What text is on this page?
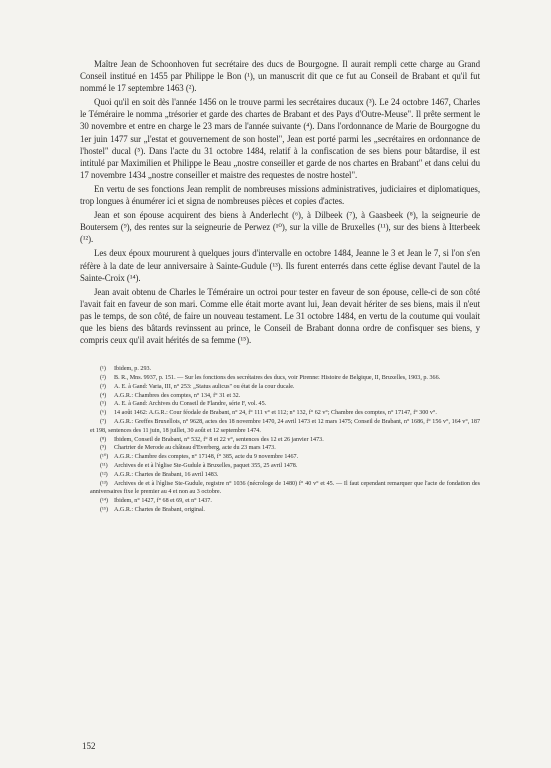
Maître Jean de Schoonhoven fut secrétaire des ducs de Bourgogne. Il aurait rempli cette charge au Grand Conseil institué en 1455 par Philippe le Bon (¹), un manuscrit dit que ce fut au Conseil de Brabant et qu'il fut nommé le 17 septembre 1463 (²).

Quoi qu'il en soit dès l'année 1456 on le trouve parmi les secrétaires ducaux (³). Le 24 octobre 1467, Charles le Téméraire le nomma „trésorier et garde des chartes de Brabant et des Pays d'Outre-Meuse". Il prête serment le 30 novembre et entre en charge le 23 mars de l'année suivante (⁴). Dans l'ordonnance de Marie de Bourgogne du 1er juin 1477 sur „l'estat et gouvernement de son hostel", Jean est porté parmi les „secrétaires en ordonnance de l'hostel" ducal (⁵). Dans l'acte du 31 octobre 1484, relatif à la confiscation de ses biens pour bâtardise, il est intitulé par Maximilien et Philippe le Beau „nostre conseiller et garde de nos chartes en Brabant" et dans celui du 17 novembre 1434 „nostre conseiller et maistre des requestes de nostre hostel".

En vertu de ses fonctions Jean remplit de nombreuses missions administratives, judiciaires et diplomatiques, trop longues à énumérer ici et signa de nombreuses pièces et copies d'actes.

Jean et son épouse acquirent des biens à Anderlecht (⁶), à Dilbeek (⁷), à Gaasbeek (⁸), la seigneurie de Boutersem (⁹), des rentes sur la seigneurie de Perwez (¹⁰), sur la ville de Bruxelles (¹¹), sur des biens à Itterbeek (¹²).

Les deux époux moururent à quelques jours d'intervalle en octobre 1484, Jeanne le 3 et Jean le 7, si l'on s'en réfère à la date de leur anniversaire à Sainte-Gudule (¹³). Ils furent enterrés dans cette église devant l'autel de la Sainte-Croix (¹⁴).

Jean avait obtenu de Charles le Téméraire un octroi pour tester en faveur de son épouse, celle-ci de son côté l'avait fait en faveur de son mari. Comme elle était morte avant lui, Jean devait hériter de ses biens, mais il n'eut pas le temps, de son côté, de faire un nouveau testament. Le 31 octobre 1484, en vertu de la coutume qui voulait que les biens des bâtards revinssent au prince, le Conseil de Brabant donna ordre de confisquer ses biens, y compris ceux qu'il avait hérités de sa femme (¹⁵).

(¹) Ibidem, p. 293.

(²) B. R., Mns. 9937, p. 151. — Sur les fonctions des secrétaires des ducs, voir Pirenne: Histoire de Belgique, II, Bruxelles, 1903, p. 366.

(³) A. E. à Gand: Varia, III, n° 253: „Status aulicus" ou état de la cour ducale.

(⁴) A.G.R.: Chambres des comptes, n° 134, f° 31 et 32.

(⁵) A. E. à Gand: Archives du Conseil de Flandre, série F, vol. 45.

(⁶) 14 août 1462: A.G.R.: Cour féodale de Brabant, n° 24, f° 111 v° et 112; n° 132, f° 62 v°; Chambre des comptes, n° 17147, f° 300 v°.

(⁷) A.G.R.: Greffes Bruxellois, n° 9628, actes des 18 novembre 1470, 24 avril 1473 et 12 mars 1475; Conseil de Brabant, n° 1686, f° 156 v°, 164 v°, 187 et 198, sentences des 11 juin, 18 juillet, 30 août et 12 septembre 1474.

(⁸) Ibidem, Conseil de Brabant, n° 532, f° 8 et 22 v°, sentences des 12 et 26 janvier 1473.

(⁹) Chartrier de Merode au château d'Everberg, acte du 23 mars 1473.

(¹⁰) A.G.R.: Chambre des comptes, n° 17148, f° 385, acte du 9 novembre 1467.

(¹¹) Archives de et à l'église Ste-Gudule à Bruxelles, paquet 355, 25 avril 1478.

(¹²) A.G.R.: Chartes de Brabant, 16 avril 1483.

(¹³) Archives de et à l'église Ste-Gudule, registre n° 1036 (nécrologe de 1480) f° 40 v° et 45. — Il faut cependant remarquer que l'acte de fondation des anniversaires fixe le premier au 4 et non au 3 octobre.

(¹⁴) Ibidem, n° 1427, f° 68 et 69, et n° 1437.

(¹⁵) A.G.R.: Chartes de Brabant, original.

152
